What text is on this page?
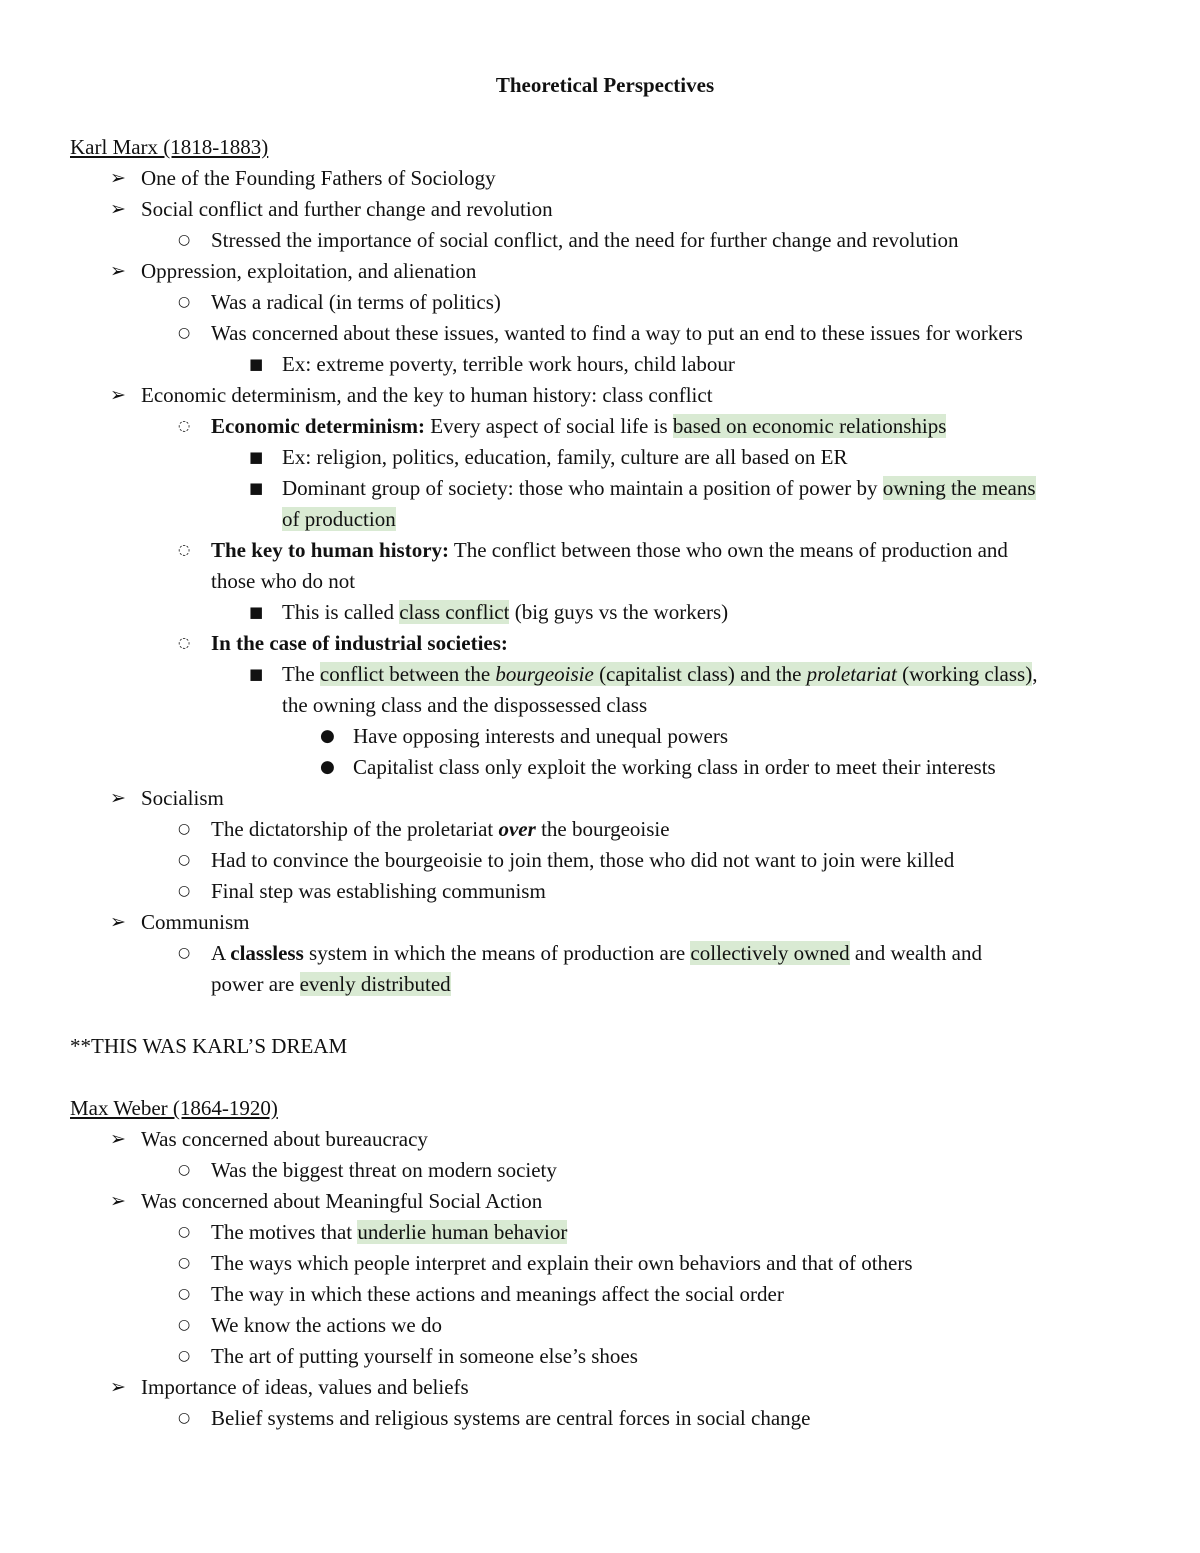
Theoretical Perspectives
Karl Marx (1818-1883)
➢ One of the Founding Fathers of Sociology
➢ Social conflict and further change and revolution
○ Stressed the importance of social conflict, and the need for further change and revolution
➢ Oppression, exploitation, and alienation
○ Was a radical (in terms of politics)
○ Was concerned about these issues, wanted to find a way to put an end to these issues for workers
■ Ex: extreme poverty, terrible work hours, child labour
➢ Economic determinism, and the key to human history: class conflict
◌ Economic determinism: Every aspect of social life is based on economic relationships
■ Ex: religion, politics, education, family, culture are all based on ER
■ Dominant group of society: those who maintain a position of power by owning the means
of production
◌ The key to human history: The conflict between those who own the means of production and
those who do not
■ This is called class conflict (big guys vs the workers)
◌ In the case of industrial societies:
■ The conflict between the bourgeoisie (capitalist class) and the proletariat (working class),
the owning class and the dispossessed class
● Have opposing interests and unequal powers
● Capitalist class only exploit the working class in order to meet their interests
➢ Socialism
○ The dictatorship of the proletariat over the bourgeoisie
○ Had to convince the bourgeoisie to join them, those who did not want to join were killed
○ Final step was establishing communism
➢ Communism
○ A classless system in which the means of production are collectively owned and wealth and
power are evenly distributed
**THIS WAS KARL’S DREAM
Max Weber (1864-1920)
➢ Was concerned about bureaucracy
○ Was the biggest threat on modern society
➢ Was concerned about Meaningful Social Action
○ The motives that underlie human behavior
○ The ways which people interpret and explain their own behaviors and that of others
○ The way in which these actions and meanings affect the social order
○ We know the actions we do
○ The art of putting yourself in someone else’s shoes
➢ Importance of ideas, values and beliefs
○ Belief systems and religious systems are central forces in social change
